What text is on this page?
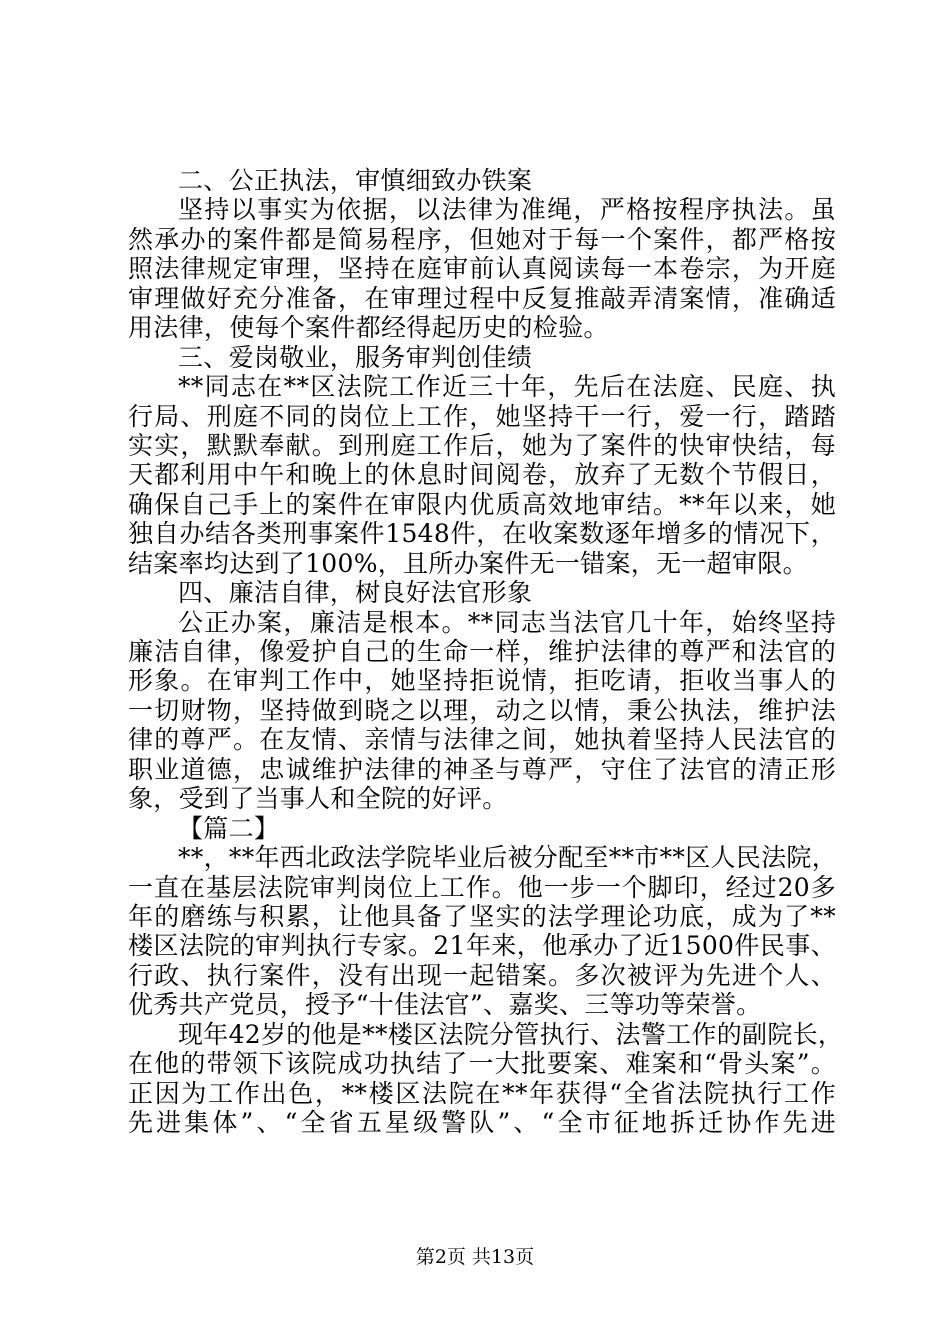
二、公正执法，审慎细致办铁案
坚持以事实为依据，以法律为准绳，严格按程序执法。虽
然承办的案件都是简易程序，但她对于每一个案件，都严格按
照法律规定审理，坚持在庭审前认真阅读每一本卷宗，为开庭
审理做好充分准备，在审理过程中反复推敲弄清案情，准确适
用法律，使每个案件都经得起历史的检验。
三、爱岗敬业，服务审判创佳绩
**同志在**区法院工作近三十年，先后在法庭、民庭、执
行局、刑庭不同的岗位上工作，她坚持干一行，爱一行，踏踏
实实，默默奉献。到刑庭工作后，她为了案件的快审快结，每
天都利用中午和晚上的休息时间阅卷，放弃了无数个节假日，
确保自己手上的案件在审限内优质高效地审结。**年以来，她
独自办结各类刑事案件1548件，在收案数逐年增多的情况下，
结案率均达到了100%，且所办案件无一错案，无一超审限。
四、廉洁自律，树良好法官形象
公正办案，廉洁是根本。**同志当法官几十年，始终坚持
廉洁自律，像爱护自己的生命一样，维护法律的尊严和法官的
形象。在审判工作中，她坚持拒说情，拒吃请，拒收当事人的
一切财物，坚持做到晓之以理，动之以情，秉公执法，维护法
律的尊严。在友情、亲情与法律之间，她执着坚持人民法官的
职业道德，忠诚维护法律的神圣与尊严，守住了法官的清正形
象，受到了当事人和全院的好评。
【篇二】
**，**年西北政法学院毕业后被分配至**市**区人民法院，
一直在基层法院审判岗位上工作。他一步一个脚印，经过20多
年的磨练与积累，让他具备了坚实的法学理论功底，成为了**
楼区法院的审判执行专家。21年来，他承办了近1500件民事、
行政、执行案件，没有出现一起错案。多次被评为先进个人、
优秀共产党员，授予“十佳法官”、嘉奖、三等功等荣誉。
现年42岁的他是**楼区法院分管执行、法警工作的副院长，
在他的带领下该院成功执结了一大批要案、难案和“骨头案”。
正因为工作出色，**楼区法院在**年获得“全省法院执行工作
先进集体”、“全省五星级警队”、“全市征地拆迁协作先进
第2页 共13页
